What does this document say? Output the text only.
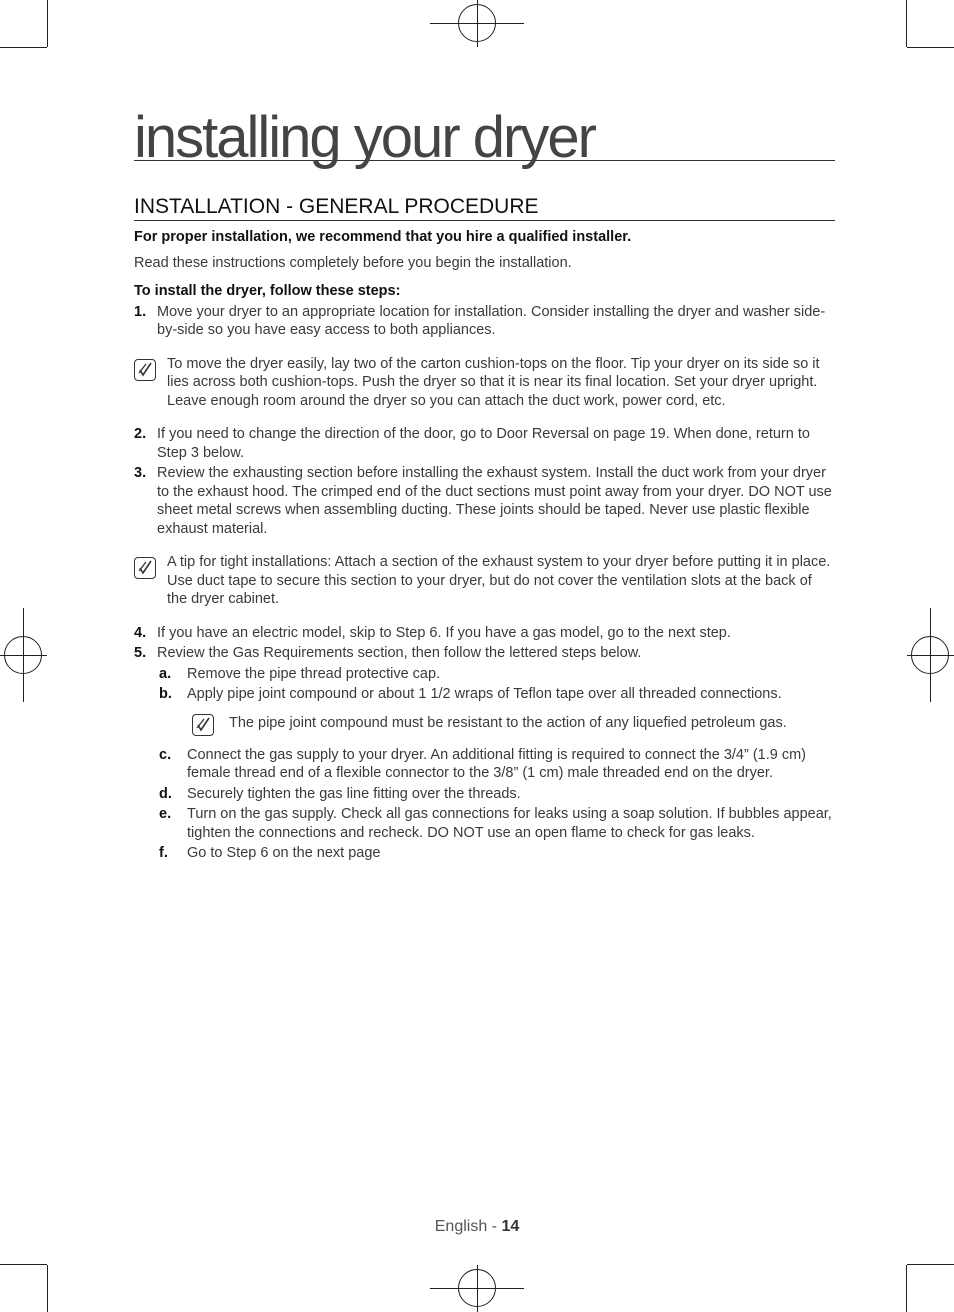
installing your dryer
INSTALLATION - GENERAL PROCEDURE

For proper installation, we recommend that you hire a qualified installer.

Read these instructions completely before you begin the installation.

To install the dryer, follow these steps:

1. Move your dryer to an appropriate location for installation. Consider installing the dryer and washer side-by-side so you have easy access to both appliances.
To move the dryer easily, lay two of the carton cushion-tops on the floor. Tip your dryer on its side so it lies across both cushion-tops. Push the dryer so that it is near its final location. Set your dryer upright. Leave enough room around the dryer so you can attach the duct work, power cord, etc.
2. If you need to change the direction of the door, go to Door Reversal on page 19. When done, return to Step 3 below.
3. Review the exhausting section before installing the exhaust system. Install the duct work from your dryer to the exhaust hood. The crimped end of the duct sections must point away from your dryer. DO NOT use sheet metal screws when assembling ducting. These joints should be taped. Never use plastic flexible exhaust material.
A tip for tight installations: Attach a section of the exhaust system to your dryer before putting it in place. Use duct tape to secure this section to your dryer, but do not cover the ventilation slots at the back of the dryer cabinet.
4. If you have an electric model, skip to Step 6. If you have a gas model, go to the next step.
5. Review the Gas Requirements section, then follow the lettered steps below.
a.	Remove the pipe thread protective cap.
b.	Apply pipe joint compound or about 1 1/2 wraps of Teflon tape over all threaded connections.
The pipe joint compound must be resistant to the action of any liquefied petroleum gas.
c.	Connect the gas supply to your dryer. An additional fitting is required to connect the 3/4” (1.9 cm) female thread end of a flexible connector to the 3/8” (1 cm) male threaded end on the dryer.
d.	Securely tighten the gas line fitting over the threads.
e.	Turn on the gas supply. Check all gas connections for leaks using a soap solution. If bubbles appear, tighten the connections and recheck. DO NOT use an open flame to check for gas leaks.
f.	Go to Step 6 on the next page
English - 14
